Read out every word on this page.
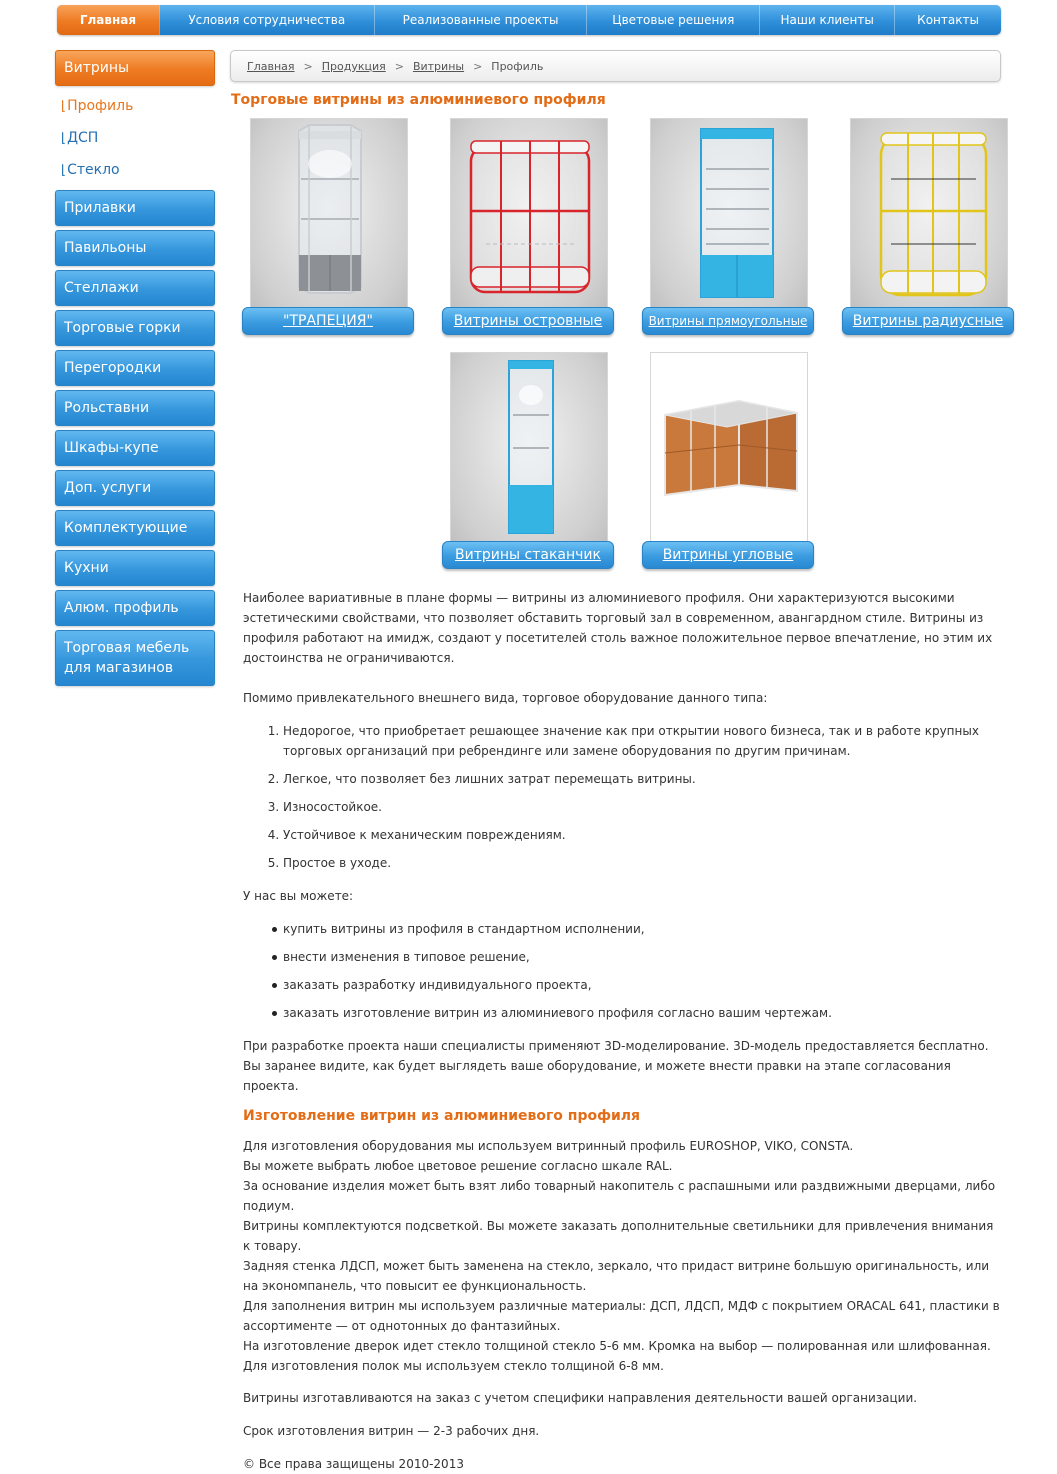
Главная	Условия сотрудничества	Реализованные проекты	Цветовые решения	Наши клиенты	Контакты
Витрины
⌊Профиль
⌊ДСП
⌊Стекло
Прилавки
Павильоны
Стеллажи
Торговые горки
Перегородки
Рольставни
Шкафы-купе
Доп. услуги
Комплектующие
Кухни
Алюм. профиль
Торговая мебель для магазинов
Главная > Продукция > Витрины > Профиль
Торговые витрины из алюминиевого профиля
"ТРАПЕЦИЯ"	Витрины островные	Витрины прямоугольные	Витрины радиусные
Витрины стаканчик	Витрины угловые

Наиболее вариативные в плане формы — витрины из алюминиевого профиля. Они характеризуются высокими эстетическими свойствами, что позволяет обставить торговый зал в современном, авангардном стиле. Витрины из профиля работают на имидж, создают у посетителей столь важное положительное первое впечатление, но этим их достоинства не ограничиваются.

Помимо привлекательного внешнего вида, торговое оборудование данного типа:

1. Недорогое, что приобретает решающее значение как при открытии нового бизнеса, так и в работе крупных торговых организаций при ребрендинге или замене оборудования по другим причинам.
2. Легкое, что позволяет без лишних затрат перемещать витрины.
3. Износостойкое.
4. Устойчивое к механическим повреждениям.
5. Простое в уходе.

У нас вы можете:

купить витрины из профиля в стандартном исполнении,
внести изменения в типовое решение,
заказать разработку индивидуального проекта,
заказать изготовление витрин из алюминиевого профиля согласно вашим чертежам.

При разработке проекта наши специалисты применяют 3D-моделирование. 3D-модель предоставляется бесплатно. Вы заранее видите, как будет выглядеть ваше оборудование, и можете внести правки на этапе согласования проекта.

Изготовление витрин из алюминиевого профиля
Для изготовления оборудования мы используем витринный профиль EUROSHOP, VIKO, CONSTA.
Вы можете выбрать любое цветовое решение согласно шкале RAL.
За основание изделия может быть взят либо товарный накопитель с распашными или раздвижными дверцами, либо подиум.
Витрины комплектуются подсветкой. Вы можете заказать дополнительные светильники для привлечения внимания к товару.
Задняя стенка ЛДСП, может быть заменена на стекло, зеркало, что придаст витрине большую оригинальность, или на экономпанель, что повысит ее функциональность.
Для заполнения витрин мы используем различные материалы: ДСП, ЛДСП, МДФ с покрытием ORACAL 641, пластики в ассортименте — от однотонных до фантазийных.
На изготовление дверок идет стекло толщиной стекло 5-6 мм. Кромка на выбор — полированная или шлифованная. Для изготовления полок мы используем стекло толщиной 6-8 мм.

Витрины изготавливаются на заказ с учетом специфики направления деятельности вашей организации.

Срок изготовления витрин — 2-3 рабочих дня.

© Все права защищены 2010-2013
